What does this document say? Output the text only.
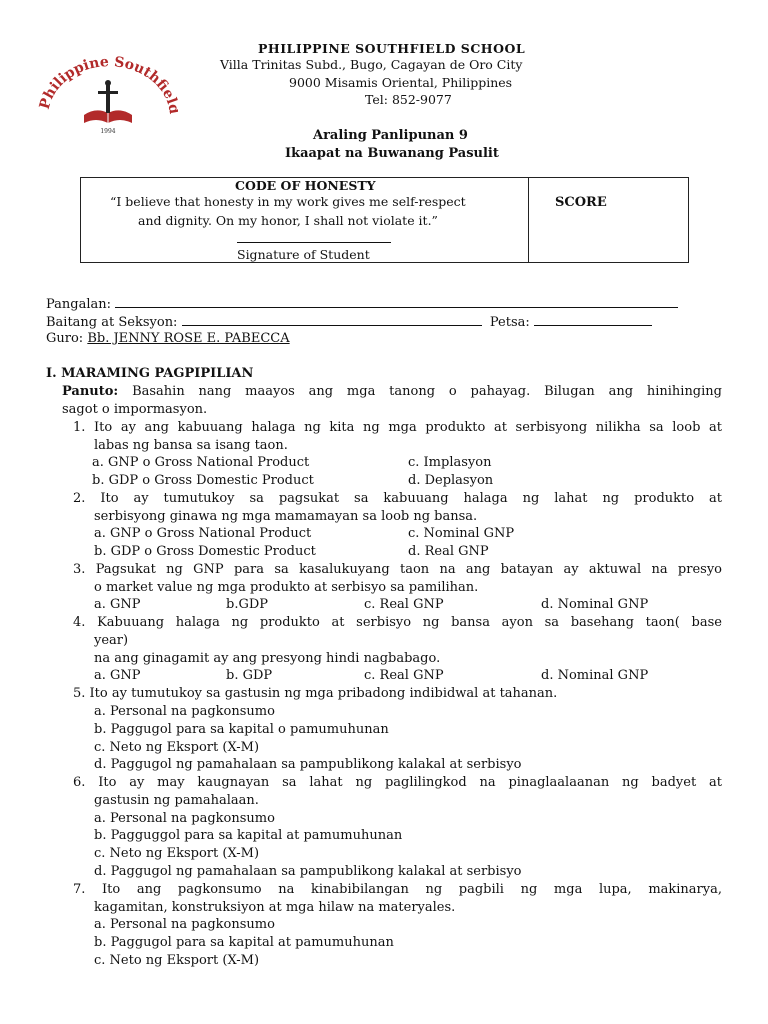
Philippine Southfield
1994
PHILIPPINE SOUTHFIELD SCHOOL
Villa Trinitas Subd., Bugo, Cagayan de Oro City
9000 Misamis Oriental, Philippines
Tel: 852-9077
Araling Panlipunan 9
Ikaapat na Buwanang Pasulit
CODE OF HONESTY
“I believe that honesty in my work gives me self-respect
and dignity. On my honor, I shall not violate it.”
Signature of Student
SCORE
Pangalan:
Baitang at Seksyon:	Petsa:
Guro: Bb. JENNY ROSE E. PABECCA
I. MARAMING PAGPIPILIAN
Panuto: Basahin nang maayos ang mga tanong o pahayag. Bilugan ang hinihinging
sagot o impormasyon.
1. Ito ay ang kabuuang halaga ng kita ng mga produkto at serbisyong nilikha sa loob at
labas ng bansa sa isang taon.
a. GNP o Gross National Product	c. Implasyon
b. GDP o Gross Domestic Product	d. Deplasyon
2. Ito ay tumutukoy sa pagsukat sa kabuuang halaga ng lahat ng produkto at
serbisyong ginawa ng mga mamamayan sa loob ng bansa.
a. GNP o Gross National Product	c. Nominal GNP
b. GDP o Gross Domestic Product	d. Real GNP
3. Pagsukat ng GNP para sa kasalukuyang taon na ang batayan ay aktuwal na presyo
o market value ng mga produkto at serbisyo sa pamilihan.
a. GNP	b.GDP	c. Real GNP	d. Nominal GNP
4. Kabuuang halaga ng produkto at serbisyo ng bansa ayon sa basehang taon( base
year)
na ang ginagamit ay ang presyong hindi nagbabago.
a. GNP	b. GDP	c. Real GNP	d. Nominal GNP
5. Ito ay tumutukoy sa gastusin ng mga pribadong indibidwal at tahanan.
a. Personal na pagkonsumo
b. Paggugol para sa kapital o pamumuhunan
c. Neto ng Eksport (X-M)
d. Paggugol ng pamahalaan sa pampublikong kalakal at serbisyo
6. Ito ay may kaugnayan sa lahat ng paglilingkod na pinaglaalaanan ng badyet at
gastusin ng pamahalaan.
a. Personal na pagkonsumo
b. Pagguggol para sa kapital at pamumuhunan
c. Neto ng Eksport (X-M)
d. Paggugol ng pamahalaan sa pampublikong kalakal at serbisyo
7. Ito ang pagkonsumo na kinabibilangan ng pagbili ng mga lupa, makinarya,
kagamitan, konstruksiyon at mga hilaw na materyales.
a. Personal na pagkonsumo
b. Paggugol para sa kapital at pamumuhunan
c. Neto ng Eksport (X-M)
